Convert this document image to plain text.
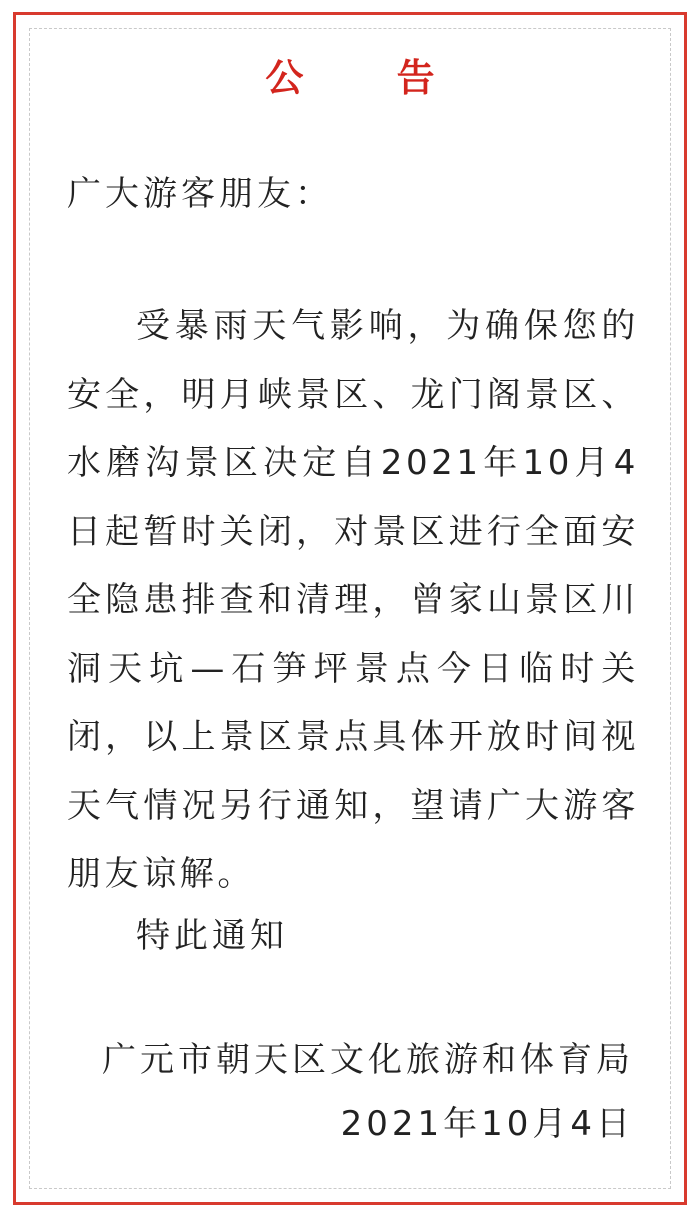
公 告

广大游客朋友：

受暴雨天气影响，为确保您的安全，明月峡景区、龙门阁景区、水磨沟景区决定自2021年10月4日起暂时关闭，对景区进行全面安全隐患排查和清理，曾家山景区川洞天坑—石笋坪景点今日临时关闭，以上景区景点具体开放时间视天气情况另行通知，望请广大游客朋友谅解。

特此通知

广元市朝天区文化旅游和体育局

2021年10月4日
